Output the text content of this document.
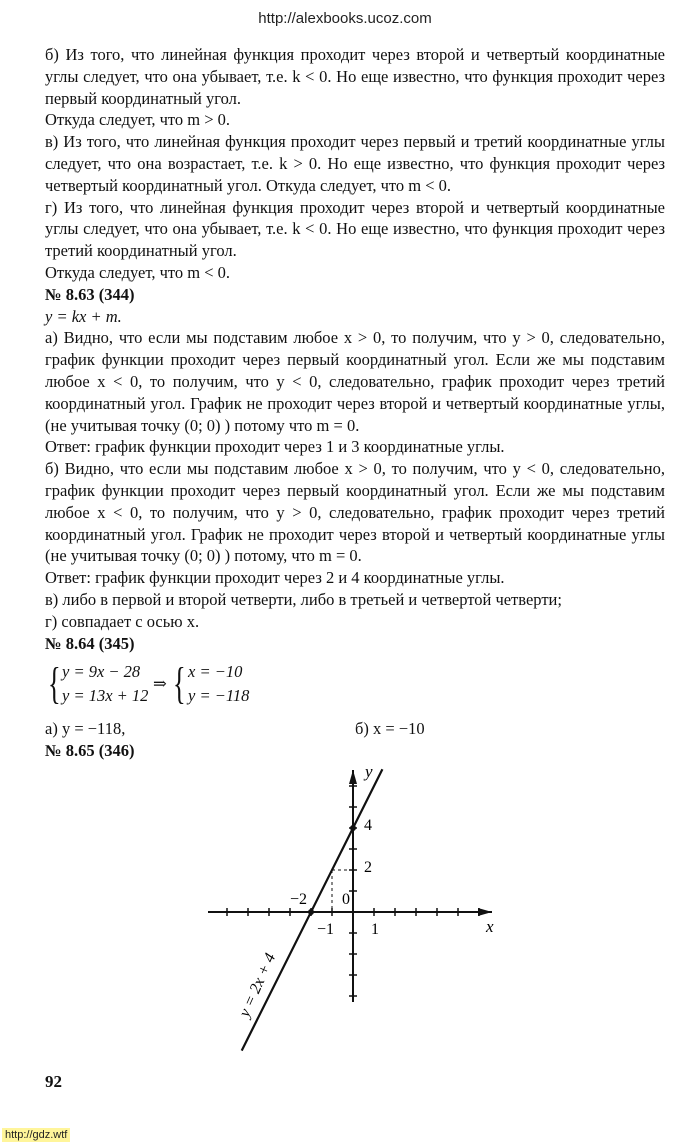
http://alexbooks.ucoz.com

б) Из того, что линейная функция проходит через второй и четвертый координатные углы следует, что она убывает, т.е. k < 0. Но еще известно, что функция проходит через первый координатный угол.

Откуда следует, что m > 0.

в) Из того, что линейная функция проходит через первый и третий координатные углы следует, что она возрастает, т.е. k > 0. Но еще известно, что функция проходит через четвертый координатный угол. Откуда следует, что m < 0.

г) Из того, что линейная функция проходит через второй и четвертый координатные углы следует, что она убывает, т.е. k < 0. Но еще известно, что функция проходит через третий координатный угол.

Откуда следует, что m < 0.

№ 8.63 (344)

y = kx + m.

а) Видно, что если мы подставим любое x > 0, то получим, что y > 0, следовательно, график функции проходит через первый координатный угол. Если же мы подставим любое x < 0, то получим, что y < 0, следовательно, график проходит через третий координатный угол. График не проходит через второй и четвертый координатные углы, (не учитывая точку (0; 0) ) потому что m = 0.

Ответ: график функции проходит через 1 и 3 координатные углы.

б) Видно, что если мы подставим любое x > 0, то получим, что y < 0, следовательно, график функции проходит через первый координатный угол. Если же мы подставим любое x < 0, то получим, что y > 0, следовательно, график проходит через третий координатный угол. График не проходит через второй и четвертый координатные углы (не учитывая точку (0; 0) ) потому, что m = 0.

Ответ: график функции проходит через 2 и 4 координатные углы.

в) либо в первой и второй четверти, либо в третьей и четвертой четверти;

г) совпадает с осью x.

№ 8.64 (345)

{ y = 9x − 28
y = 13x + 12
⇒ { x = −10
y = −118
а) y = −118,	б) x = −10
№ 8.65 (346)
x
y
4
2
0
−2
−1 1
y = 2x + 4
92
http://gdz.wtf
